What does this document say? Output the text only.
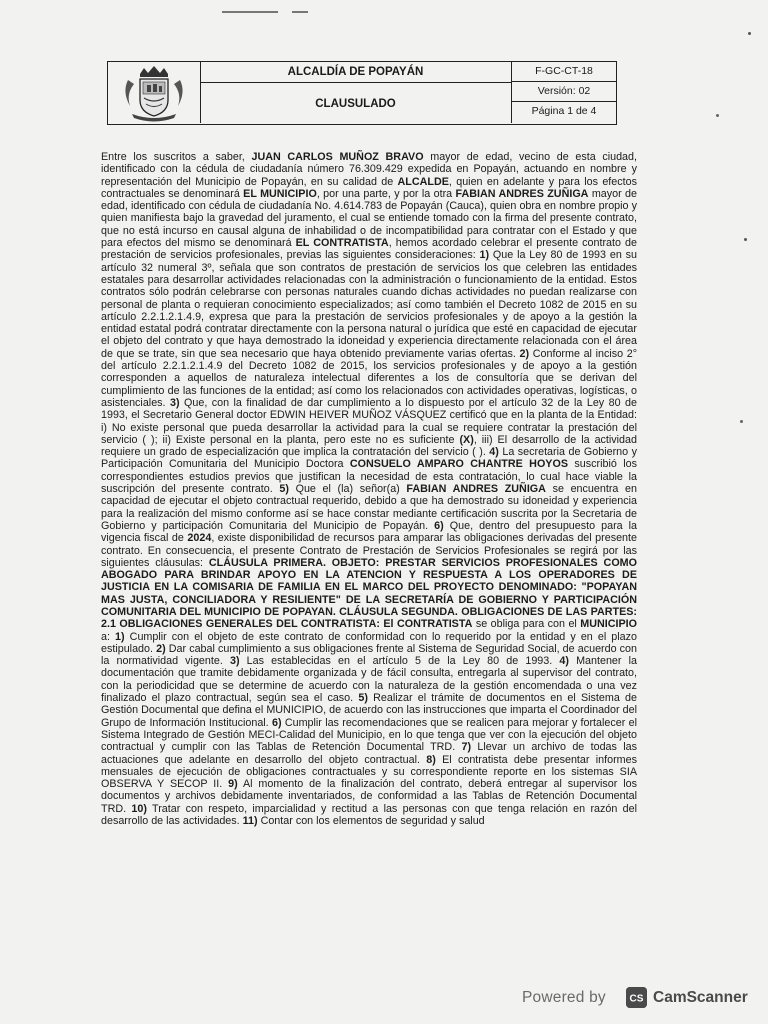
ALCALDÍA DE POPAYÁN
CLAUSULADO
F-GC-CT-18
Versión: 02
Página 1 de 4
Entre los suscritos a saber, JUAN CARLOS MUÑOZ BRAVO mayor de edad, vecino de esta ciudad, identificado con la cédula de ciudadanía número 76.309.429 expedida en Popayán, actuando en nombre y representación del Municipio de Popayán, en su calidad de ALCALDE, quien en adelante y para los efectos contractuales se denominará EL MUNICIPIO, por una parte, y por la otra FABIAN ANDRES ZUÑIGA mayor de edad, identificado con cédula de ciudadanía No. 4.614.783 de Popayán (Cauca), quien obra en nombre propio y quien manifiesta bajo la gravedad del juramento, el cual se entiende tomado con la firma del presente contrato, que no está incurso en causal alguna de inhabilidad o de incompatibilidad para contratar con el Estado y que para efectos del mismo se denominará EL CONTRATISTA, hemos acordado celebrar el presente contrato de prestación de servicios profesionales, previas las siguientes consideraciones: 1) Que la Ley 80 de 1993 en su artículo 32 numeral 3º, señala que son contratos de prestación de servicios los que celebren las entidades estatales para desarrollar actividades relacionadas con la administración o funcionamiento de la entidad. Estos contratos sólo podrán celebrarse con personas naturales cuando dichas actividades no puedan realizarse con personal de planta o requieran conocimiento especializados; así como también el Decreto 1082 de 2015 en su artículo 2.2.1.2.1.4.9, expresa que para la prestación de servicios profesionales y de apoyo a la gestión la entidad estatal podrá contratar directamente con la persona natural o jurídica que esté en capacidad de ejecutar el objeto del contrato y que haya demostrado la idoneidad y experiencia directamente relacionada con el área de que se trate, sin que sea necesario que haya obtenido previamente varias ofertas. 2) Conforme al inciso 2° del artículo 2.2.1.2.1.4.9 del Decreto 1082 de 2015, los servicios profesionales y de apoyo a la gestión corresponden a aquellos de naturaleza intelectual diferentes a los de consultoría que se derivan del cumplimiento de las funciones de la entidad; así como los relacionados con actividades operativas, logísticas, o asistenciales. 3) Que, con la finalidad de dar cumplimiento a lo dispuesto por el artículo 32 de la Ley 80 de 1993, el Secretario General doctor EDWIN HEIVER MUÑOZ VÁSQUEZ certificó que en la planta de la Entidad: i) No existe personal que pueda desarrollar la actividad para la cual se requiere contratar la prestación del servicio ( ); ii) Existe personal en la planta, pero este no es suficiente (X), iii) El desarrollo de la actividad requiere un grado de especialización que implica la contratación del servicio ( ). 4) La secretaria de Gobierno y Participación Comunitaria del Municipio Doctora CONSUELO AMPARO CHANTRE HOYOS suscribió los correspondientes estudios previos que justifican la necesidad de esta contratación, lo cual hace viable la suscripción del presente contrato. 5) Que el (la) señor(a) FABIAN ANDRES ZUÑIGA se encuentra en capacidad de ejecutar el objeto contractual requerido, debido a que ha demostrado su idoneidad y experiencia para la realización del mismo conforme así se hace constar mediante certificación suscrita por la Secretaria de Gobierno y participación Comunitaria del Municipio de Popayán. 6) Que, dentro del presupuesto para la vigencia fiscal de 2024, existe disponibilidad de recursos para amparar las obligaciones derivadas del presente contrato. En consecuencia, el presente Contrato de Prestación de Servicios Profesionales se regirá por las siguientes cláusulas: CLÁUSULA PRIMERA. OBJETO: PRESTAR SERVICIOS PROFESIONALES COMO ABOGADO PARA BRINDAR APOYO EN LA ATENCION Y RESPUESTA A LOS OPERADORES DE JUSTICIA EN LA COMISARIA DE FAMILIA EN EL MARCO DEL PROYECTO DENOMINADO: "POPAYAN MAS JUSTA, CONCILIADORA Y RESILIENTE" DE LA SECRETARÍA DE GOBIERNO Y PARTICIPACIÓN COMUNITARIA DEL MUNICIPIO DE POPAYAN. CLÁUSULA SEGUNDA. OBLIGACIONES DE LAS PARTES: 2.1 OBLIGACIONES GENERALES DEL CONTRATISTA: El CONTRATISTA se obliga para con el MUNICIPIO a: 1) Cumplir con el objeto de este contrato de conformidad con lo requerido por la entidad y en el plazo estipulado. 2) Dar cabal cumplimiento a sus obligaciones frente al Sistema de Seguridad Social, de acuerdo con la normatividad vigente. 3) Las establecidas en el artículo 5 de la Ley 80 de 1993. 4) Mantener la documentación que tramite debidamente organizada y de fácil consulta, entregarla al supervisor del contrato, con la periodicidad que se determine de acuerdo con la naturaleza de la gestión encomendada o una vez finalizado el plazo contractual, según sea el caso. 5) Realizar el trámite de documentos en el Sistema de Gestión Documental que defina el MUNICIPIO, de acuerdo con las instrucciones que imparta el Coordinador del Grupo de Información Institucional. 6) Cumplir las recomendaciones que se realicen para mejorar y fortalecer el Sistema Integrado de Gestión MECI-Calidad del Municipio, en lo que tenga que ver con la ejecución del objeto contractual y cumplir con las Tablas de Retención Documental TRD. 7) Llevar un archivo de todas las actuaciones que adelante en desarrollo del objeto contractual. 8) El contratista debe presentar informes mensuales de ejecución de obligaciones contractuales y su correspondiente reporte en los sistemas SIA OBSERVA Y SECOP II. 9) Al momento de la finalización del contrato, deberá entregar al supervisor los documentos y archivos debidamente inventariados, de conformidad a las Tablas de Retención Documental TRD. 10) Tratar con respeto, imparcialidad y rectitud a las personas con que tenga relación en razón del desarrollo de las actividades. 11) Contar con los elementos de seguridad y salud
Powered by CS CamScanner
